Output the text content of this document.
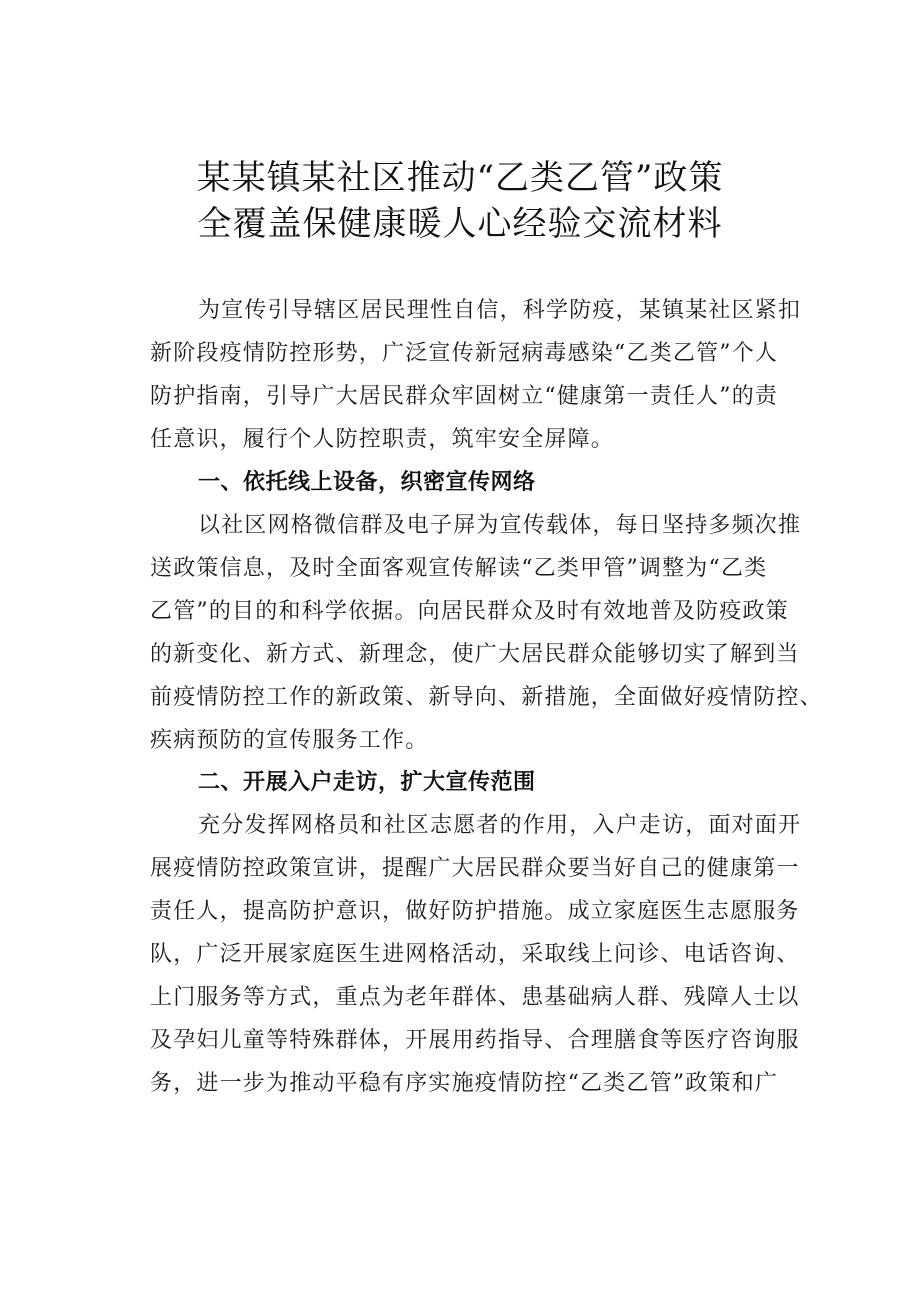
某某镇某社区推动“乙类乙管”政策
全覆盖保健康暖人心经验交流材料
为宣传引导辖区居民理性自信，科学防疫，某镇某社区紧扣
新阶段疫情防控形势，广泛宣传新冠病毒感染“乙类乙管”个人
防护指南，引导广大居民群众牢固树立“健康第一责任人”的责
任意识，履行个人防控职责，筑牢安全屏障。
一、依托线上设备，织密宣传网络
以社区网格微信群及电子屏为宣传载体，每日坚持多频次推
送政策信息，及时全面客观宣传解读“乙类甲管”调整为“乙类
乙管”的目的和科学依据。向居民群众及时有效地普及防疫政策
的新变化、新方式、新理念，使广大居民群众能够切实了解到当
前疫情防控工作的新政策、新导向、新措施，全面做好疫情防控、
疾病预防的宣传服务工作。
二、开展入户走访，扩大宣传范围
充分发挥网格员和社区志愿者的作用，入户走访，面对面开
展疫情防控政策宣讲，提醒广大居民群众要当好自己的健康第一
责任人，提高防护意识，做好防护措施。成立家庭医生志愿服务
队，广泛开展家庭医生进网格活动，采取线上问诊、电话咨询、
上门服务等方式，重点为老年群体、患基础病人群、残障人士以
及孕妇儿童等特殊群体，开展用药指导、合理膳食等医疗咨询服
务，进一步为推动平稳有序实施疫情防控“乙类乙管”政策和广
